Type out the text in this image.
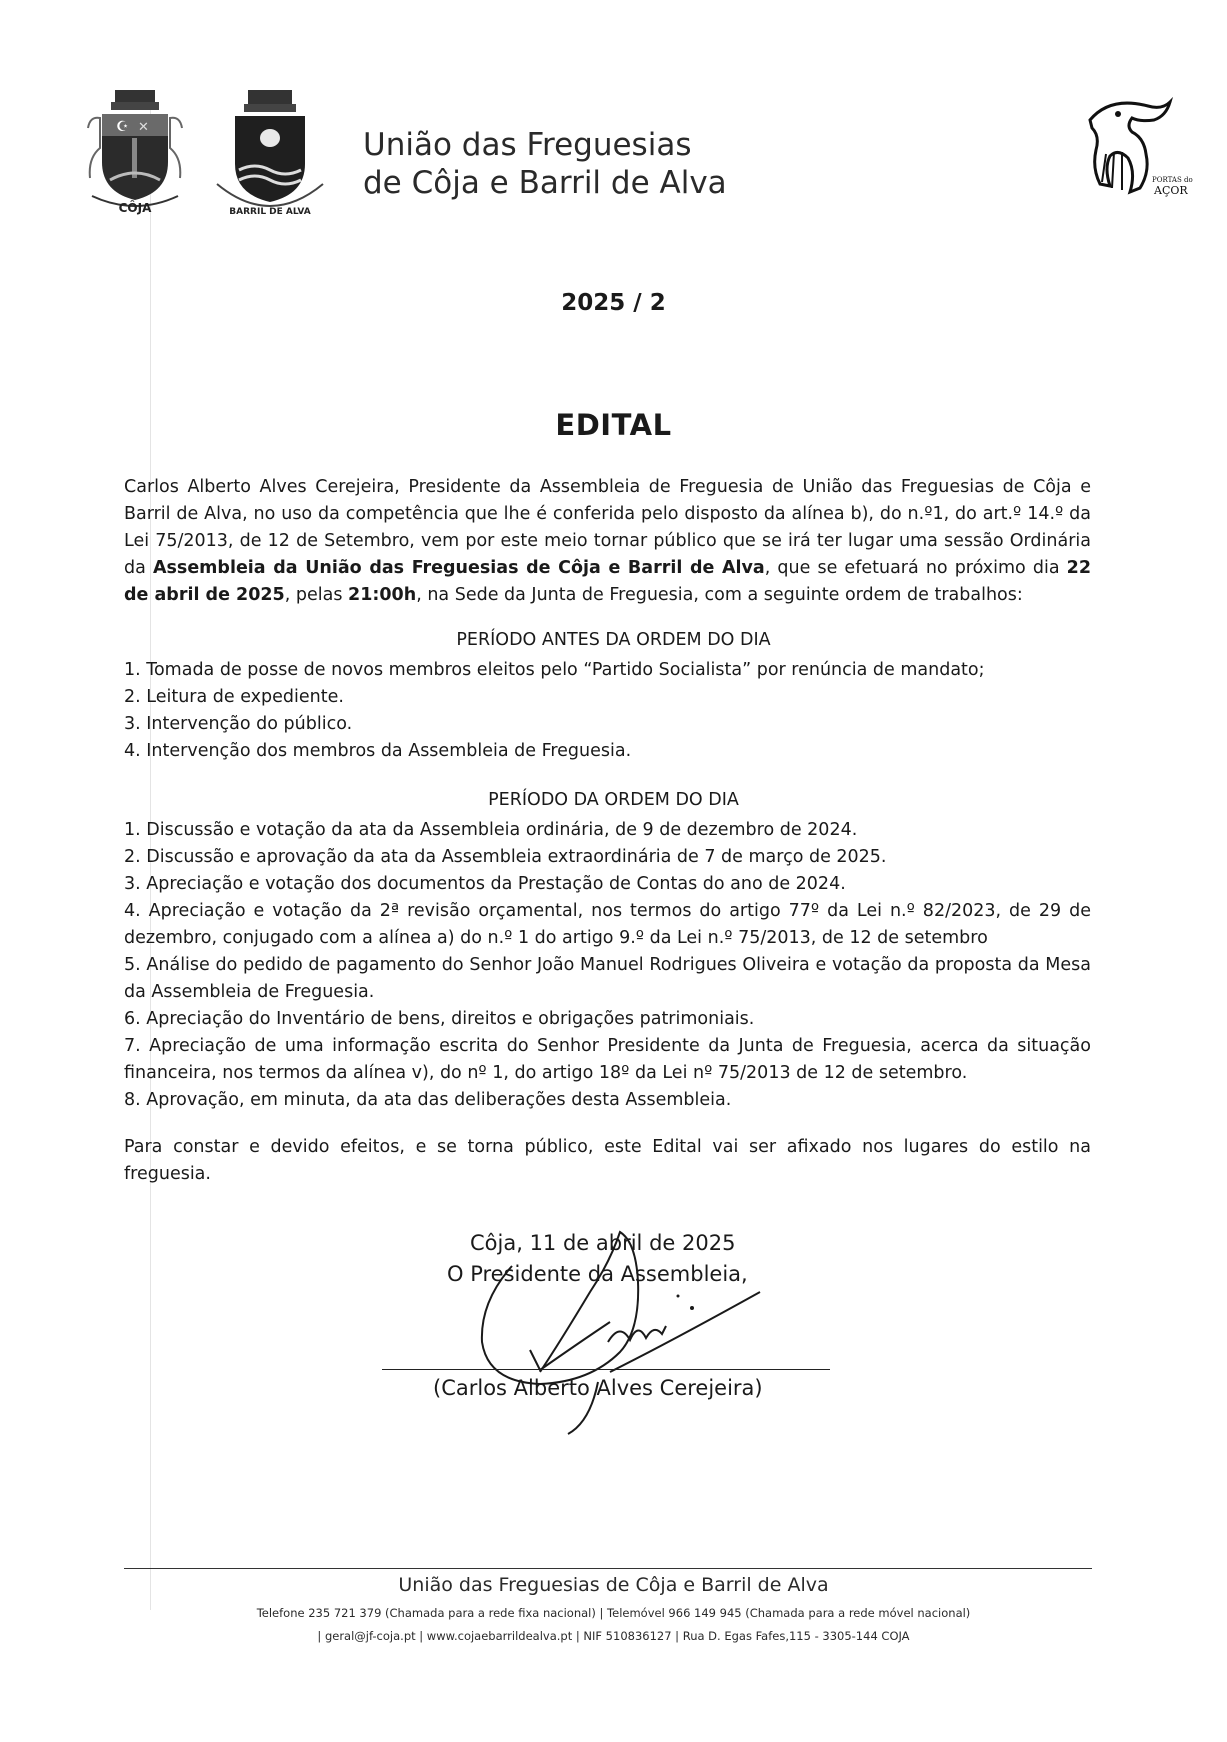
☪ ✕
CÔJA	BARRIL DE ALVA
União das Freguesias
de Côja e Barril de Alva	PORTAS do
AÇOR
2025 / 2
EDITAL
Carlos Alberto Alves Cerejeira, Presidente da Assembleia de Freguesia de União das Freguesias de Côja e Barril de Alva, no uso da competência que lhe é conferida pelo disposto da alínea b), do n.º1, do art.º 14.º da Lei 75/2013, de 12 de Setembro, vem por este meio tornar público que se irá ter lugar uma sessão Ordinária da Assembleia da União das Freguesias de Côja e Barril de Alva, que se efetuará no próximo dia 22 de abril de 2025, pelas 21:00h, na Sede da Junta de Freguesia, com a seguinte ordem de trabalhos:
PERÍODO ANTES DA ORDEM DO DIA

1. Tomada de posse de novos membros eleitos pelo “Partido Socialista” por renúncia de mandato;

2. Leitura de expediente.

3. Intervenção do público.

4. Intervenção dos membros da Assembleia de Freguesia.

PERÍODO DA ORDEM DO DIA

1. Discussão e votação da ata da Assembleia ordinária, de 9 de dezembro de 2024.

2. Discussão e aprovação da ata da Assembleia extraordinária de 7 de março de 2025.

3. Apreciação e votação dos documentos da Prestação de Contas do ano de 2024.

4. Apreciação e votação da 2ª revisão orçamental, nos termos do artigo 77º da Lei n.º 82/2023, de 29 de dezembro, conjugado com a alínea a) do n.º 1 do artigo 9.º da Lei n.º 75/2013, de 12 de setembro

5. Análise do pedido de pagamento do Senhor João Manuel Rodrigues Oliveira e votação da proposta da Mesa da Assembleia de Freguesia.

6. Apreciação do Inventário de bens, direitos e obrigações patrimoniais.

7. Apreciação de uma informação escrita do Senhor Presidente da Junta de Freguesia, acerca da situação financeira, nos termos da alínea v), do nº 1, do artigo 18º da Lei nº 75/2013 de 12 de setembro.

8. Aprovação, em minuta, da ata das deliberações desta Assembleia.

Para constar e devido efeitos, e se torna público, este Edital vai ser afixado nos lugares do estilo na freguesia.
Côja, 11 de abril de 2025
O Presidente da Assembleia,
(Carlos Alberto Alves Cerejeira)
União das Freguesias de Côja e Barril de Alva

Telefone 235 721 379 (Chamada para a rede fixa nacional) | Telemóvel 966 149 945 (Chamada para a rede móvel nacional)

| geral@jf-coja.pt | www.cojaebarrildealva.pt | NIF 510836127 | Rua D. Egas Fafes,115 - 3305-144 COJA
